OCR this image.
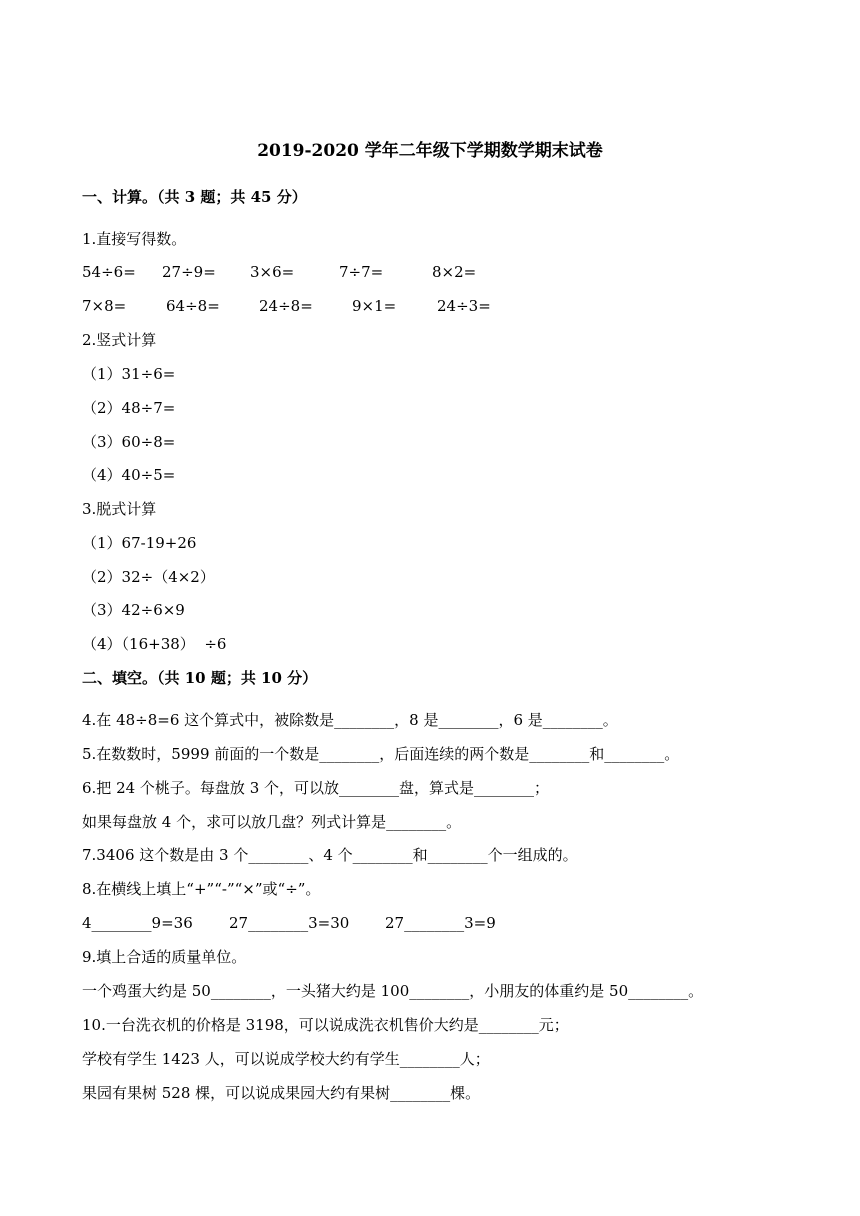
2019-2020 学年二年级下学期数学期末试卷
一、计算。（共 3 题；共 45 分）
1.直接写得数。
54÷6= 27÷9= 3×6=	7÷7=	8×2=
7×8=	64÷8=	24÷8=	9×1=	24÷3=
2.竖式计算
（1）31÷6=
（2）48÷7=
（3）60÷8=
（4）40÷5=
3.脱式计算
（1）67-19+26
（2）32÷（4×2）
（3）42÷6×9
（4）（16+38）  ÷6
二、填空。（共 10 题；共 10 分）
4.在 48÷8=6 这个算式中，被除数是________，8 是________，6 是________。
5.在数数时，5999 前面的一个数是________，后面连续的两个数是________和________。
6.把 24 个桃子。每盘放 3 个，可以放________盘，算式是________；
如果每盘放 4 个，求可以放几盘？列式计算是________。
7.3406 这个数是由 3 个________、4 个________和________个一组成的。
8.在横线上填上“+”“-”“×”或“÷”。
4________9=36 27________3=30 27________3=9
9.填上合适的质量单位。
一个鸡蛋大约是 50________，一头猪大约是 100________，小朋友的体重约是 50________。
10.一台洗衣机的价格是 3198，可以说成洗衣机售价大约是________元；
学校有学生 1423 人，可以说成学校大约有学生________人；
果园有果树 528 棵，可以说成果园大约有果树________棵。
